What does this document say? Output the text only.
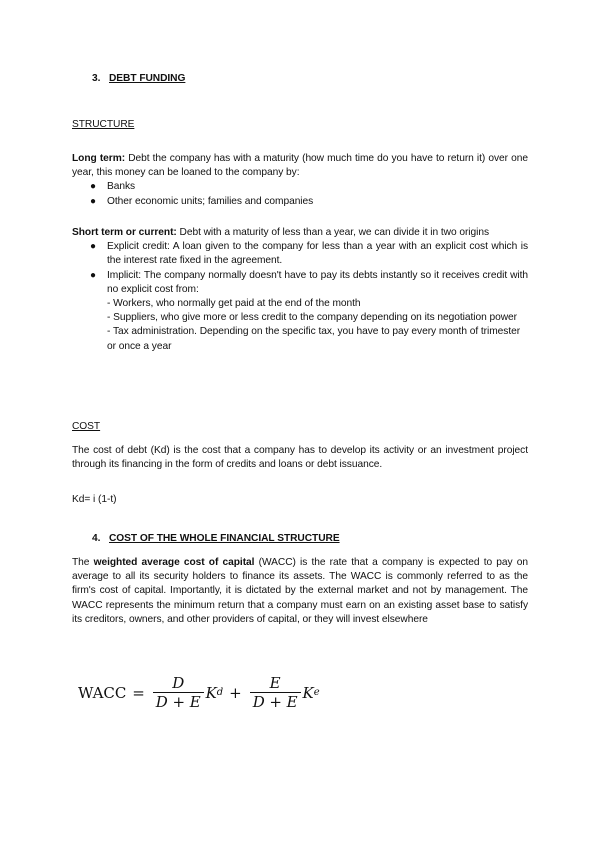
3. DEBT FUNDING
STRUCTURE
Long term: Debt the company has with a maturity (how much time do you have to return it) over one year, this money can be loaned to the company by:
● Banks
● Other economic units; families and companies
Short term or current: Debt with a maturity of less than a year, we can divide it in two origins
● Explicit credit: A loan given to the company for less than a year with an explicit cost which is the interest rate fixed in the agreement.
● Implicit: The company normally doesn't have to pay its debts instantly so it receives credit with no explicit cost from:
- Workers, who normally get paid at the end of the month
- Suppliers, who give more or less credit to the company depending on its negotiation power
- Tax administration. Depending on the specific tax, you have to pay every month of trimester or once a year
COST
The cost of debt (Kd) is the cost that a company has to develop its activity or an investment project through its financing in the form of credits and loans or debt issuance.
Kd= i (1-t)
4. COST OF THE WHOLE FINANCIAL STRUCTURE
The weighted average cost of capital (WACC) is the rate that a company is expected to pay on average to all its security holders to finance its assets. The WACC is commonly referred to as the firm's cost of capital. Importantly, it is dictated by the external market and not by management. The WACC represents the minimum return that a company must earn on an existing asset base to satisfy its creditors, owners, and other providers of capital, or they will invest elsewhere
WACC = $\frac{D}{D + E}$ K $d + \frac{E}{D + E}$ K e
